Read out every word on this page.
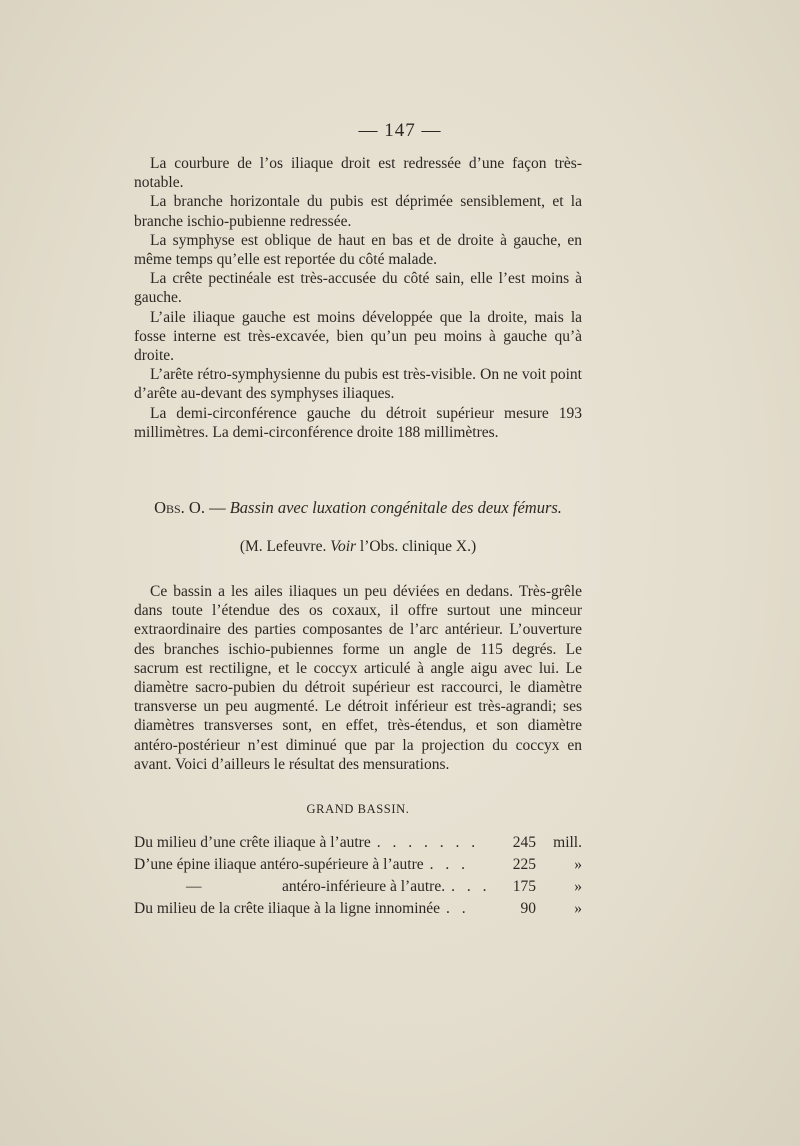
— 147 —

La courbure de l’os iliaque droit est redressée d’une façon très-notable.

La branche horizontale du pubis est déprimée sensiblement, et la branche ischio-pubienne redressée.

La symphyse est oblique de haut en bas et de droite à gauche, en même temps qu’elle est reportée du côté malade.

La crête pectinéale est très-accusée du côté sain, elle l’est moins à gauche.

L’aile iliaque gauche est moins développée que la droite, mais la fosse interne est très-excavée, bien qu’un peu moins à gauche qu’à droite.

L’arête rétro-symphysienne du pubis est très-visible. On ne voit point d’arête au-devant des symphyses iliaques.

La demi-circonférence gauche du détroit supérieur mesure 193 millimètres. La demi-circonférence droite 188 millimètres.

Obs. O. — Bassin avec luxation congénitale des deux fémurs.
(M. Lefeuvre. Voir l’Obs. clinique X.)

Ce bassin a les ailes iliaques un peu déviées en dedans. Très-grêle dans toute l’étendue des os coxaux, il offre surtout une minceur extraordinaire des parties composantes de l’arc antérieur. L’ouverture des branches ischio-pubiennes forme un angle de 115 degrés. Le sacrum est rectiligne, et le coccyx articulé à angle aigu avec lui. Le diamètre sacro-pubien du détroit supérieur est raccourci, le diamètre transverse un peu augmenté. Le détroit inférieur est très-agrandi; ses diamètres transverses sont, en effet, très-étendus, et son diamètre antéro-postérieur n’est diminué que par la projection du coccyx en avant. Voici d’ailleurs le résultat des mensurations.

GRAND BASSIN.
Du milieu d’une crête iliaque à l’autre . . . . . . .	245	mill.
D’une épine iliaque antéro-supérieure à l’autre . . .	225	»
—	antéro-inférieure à l’autre. . . .	175	»
Du milieu de la crête iliaque à la ligne innominée . .	90	»
